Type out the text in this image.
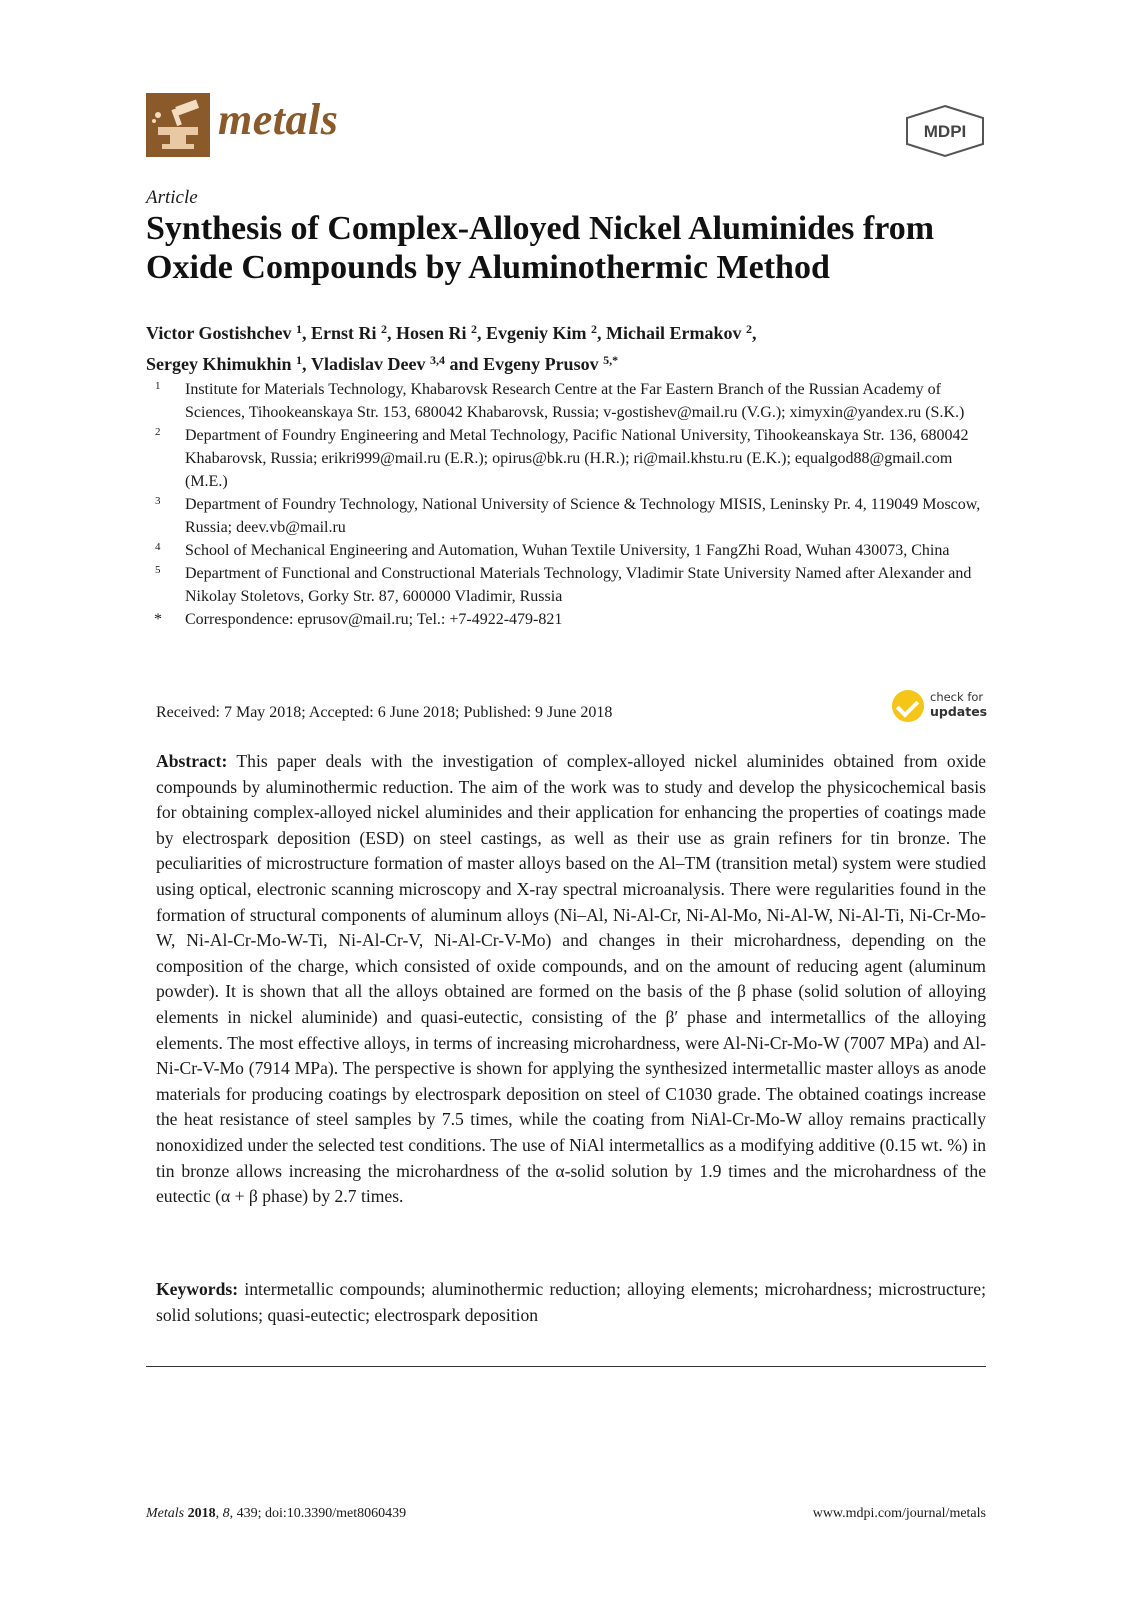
metals	MDPI
Article
Synthesis of Complex-Alloyed Nickel Aluminides from Oxide Compounds by Aluminothermic Method
Victor Gostishchev $^1$, Ernst Ri $^2$, Hosen Ri $^2$, Evgeniy Kim $^2$, Michail Ermakov $^2$,
Sergey Khimukhin $^1$, Vladislav Deev $^{3,4}$ and Evgeny Prusov $^{5,*}$
1 Institute for Materials Technology, Khabarovsk Research Centre at the Far Eastern Branch of the Russian Academy of Sciences, Tihookeanskaya Str. 153, 680042 Khabarovsk, Russia; v-gostishev@mail.ru (V.G.); ximyxin@yandex.ru (S.K.)
2 Department of Foundry Engineering and Metal Technology, Pacific National University, Tihookeanskaya Str. 136, 680042 Khabarovsk, Russia; erikri999@mail.ru (E.R.); opirus@bk.ru (H.R.); ri@mail.khstu.ru (E.K.); equalgod88@gmail.com (M.E.)
3 Department of Foundry Technology, National University of Science & Technology MISIS, Leninsky Pr. 4, 119049 Moscow, Russia; deev.vb@mail.ru
4 School of Mechanical Engineering and Automation, Wuhan Textile University, 1 FangZhi Road, Wuhan 430073, China
5 Department of Functional and Constructional Materials Technology, Vladimir State University Named after Alexander and Nikolay Stoletovs, Gorky Str. 87, 600000 Vladimir, Russia
* Correspondence: eprusov@mail.ru; Tel.: +7-4922-479-821
Received: 7 May 2018; Accepted: 6 June 2018; Published: 9 June 2018
check for
updates

Abstract: This paper deals with the investigation of complex-alloyed nickel aluminides obtained from oxide compounds by aluminothermic reduction. The aim of the work was to study and develop the physicochemical basis for obtaining complex-alloyed nickel aluminides and their application for enhancing the properties of coatings made by electrospark deposition (ESD) on steel castings, as well as their use as grain refiners for tin bronze. The peculiarities of microstructure formation of master alloys based on the Al–TM (transition metal) system were studied using optical, electronic scanning microscopy and X-ray spectral microanalysis. There were regularities found in the formation of structural components of aluminum alloys (Ni–Al, Ni-Al-Cr, Ni-Al-Mo, Ni-Al-W, Ni-Al-Ti, Ni-Cr-Mo-W, Ni-Al-Cr-Mo-W-Ti, Ni-Al-Cr-V, Ni-Al-Cr-V-Mo) and changes in their microhardness, depending on the composition of the charge, which consisted of oxide compounds, and on the amount of reducing agent (aluminum powder). It is shown that all the alloys obtained are formed on the basis of the β phase (solid solution of alloying elements in nickel aluminide) and quasi-eutectic, consisting of the β′ phase and intermetallics of the alloying elements. The most effective alloys, in terms of increasing microhardness, were Al-Ni-Cr-Mo-W (7007 MPa) and Al-Ni-Cr-V-Mo (7914 MPa). The perspective is shown for applying the synthesized intermetallic master alloys as anode materials for producing coatings by electrospark deposition on steel of C1030 grade. The obtained coatings increase the heat resistance of steel samples by 7.5 times, while the coating from NiAl-Cr-Mo-W alloy remains practically nonoxidized under the selected test conditions. The use of NiAl intermetallics as a modifying additive (0.15 wt. %) in tin bronze allows increasing the microhardness of the α-solid solution by 1.9 times and the microhardness of the eutectic (α + β phase) by 2.7 times.

Keywords: intermetallic compounds; aluminothermic reduction; alloying elements; microhardness; microstructure; solid solutions; quasi-eutectic; electrospark deposition

Metals 2018, 8, 439; doi:10.3390/met8060439	www.mdpi.com/journal/metals
